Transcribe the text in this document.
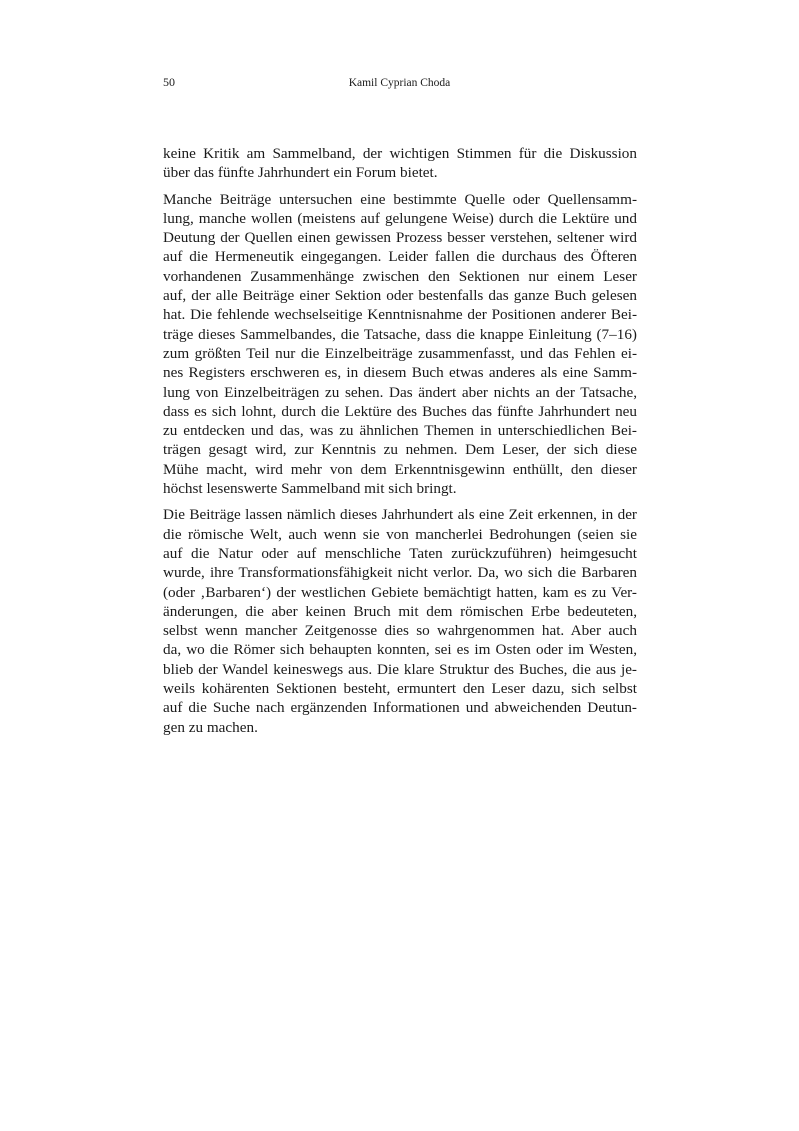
50	Kamil Cyprian Choda
keine Kritik am Sammelband, der wichtigen Stimmen für die Diskussion
über das fünfte Jahrhundert ein Forum bietet.
Manche Beiträge untersuchen eine bestimmte Quelle oder Quellensamm-
lung, manche wollen (meistens auf gelungene Weise) durch die Lektüre und
Deutung der Quellen einen gewissen Prozess besser verstehen, seltener wird
auf die Hermeneutik eingegangen. Leider fallen die durchaus des Öfteren
vorhandenen Zusammenhänge zwischen den Sektionen nur einem Leser
auf, der alle Beiträge einer Sektion oder bestenfalls das ganze Buch gelesen
hat. Die fehlende wechselseitige Kenntnisnahme der Positionen anderer Bei-
träge dieses Sammelbandes, die Tatsache, dass die knappe Einleitung (7–16)
zum größten Teil nur die Einzelbeiträge zusammenfasst, und das Fehlen ei-
nes Registers erschweren es, in diesem Buch etwas anderes als eine Samm-
lung von Einzelbeiträgen zu sehen. Das ändert aber nichts an der Tatsache,
dass es sich lohnt, durch die Lektüre des Buches das fünfte Jahrhundert neu
zu entdecken und das, was zu ähnlichen Themen in unterschiedlichen Bei-
trägen gesagt wird, zur Kenntnis zu nehmen. Dem Leser, der sich diese
Mühe macht, wird mehr von dem Erkenntnisgewinn enthüllt, den dieser
höchst lesenswerte Sammelband mit sich bringt.
Die Beiträge lassen nämlich dieses Jahrhundert als eine Zeit erkennen, in der
die römische Welt, auch wenn sie von mancherlei Bedrohungen (seien sie
auf die Natur oder auf menschliche Taten zurückzuführen) heimgesucht
wurde, ihre Transformationsfähigkeit nicht verlor. Da, wo sich die Barbaren
(oder ‚Barbaren‘) der westlichen Gebiete bemächtigt hatten, kam es zu Ver-
änderungen, die aber keinen Bruch mit dem römischen Erbe bedeuteten,
selbst wenn mancher Zeitgenosse dies so wahrgenommen hat. Aber auch
da, wo die Römer sich behaupten konnten, sei es im Osten oder im Westen,
blieb der Wandel keineswegs aus. Die klare Struktur des Buches, die aus je-
weils kohärenten Sektionen besteht, ermuntert den Leser dazu, sich selbst
auf die Suche nach ergänzenden Informationen und abweichenden Deutun-
gen zu machen.
